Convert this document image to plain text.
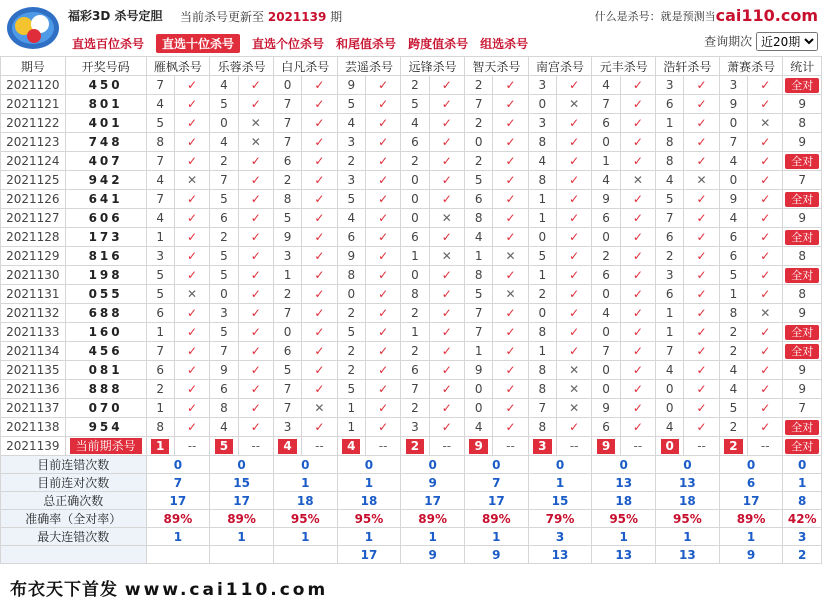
福彩3D 杀号定胆 当前杀号更新至 2021139 期	什么是杀号：就是预测当cai110.com
直选百位杀号 直选十位杀号 直选个位杀号 和尾值杀号 跨度值杀号 组选杀号	查询期次
近20期
期号	开奖号码	雁枫杀号		乐蓉杀号		白凡杀号		芸遥杀号		远锋杀号		智天杀号		南宫杀号		元丰杀号		浩轩杀号		萧赛杀号		统计
2021120	450	7	✓	4	✓	0	✓	9	✓	2	✓	2	✓	3	✓	4	✓	3	✓	3	✓	全对
2021121	801	4	✓	5	✓	7	✓	5	✓	5	✓	7	✓	0	✕	7	✓	6	✓	9	✓	9
2021122	401	5	✓	0	✕	7	✓	4	✓	4	✓	2	✓	3	✓	6	✓	1	✓	0	✕	8
2021123	748	8	✓	4	✕	7	✓	3	✓	6	✓	0	✓	8	✓	0	✓	8	✓	7	✓	9
2021124	407	7	✓	2	✓	6	✓	2	✓	2	✓	2	✓	4	✓	1	✓	8	✓	4	✓	全对
2021125	942	4	✕	7	✓	2	✓	3	✓	0	✓	5	✓	8	✓	4	✕	4	✕	0	✓	7
2021126	641	7	✓	5	✓	8	✓	5	✓	0	✓	6	✓	1	✓	9	✓	5	✓	9	✓	全对
2021127	606	4	✓	6	✓	5	✓	4	✓	0	✕	8	✓	1	✓	6	✓	7	✓	4	✓	9
2021128	173	1	✓	2	✓	9	✓	6	✓	6	✓	4	✓	0	✓	0	✓	6	✓	6	✓	全对
2021129	816	3	✓	5	✓	3	✓	9	✓	1	✕	1	✕	5	✓	2	✓	2	✓	6	✓	8
2021130	198	5	✓	5	✓	1	✓	8	✓	0	✓	8	✓	1	✓	6	✓	3	✓	5	✓	全对
2021131	055	5	✕	0	✓	2	✓	0	✓	8	✓	5	✕	2	✓	0	✓	6	✓	1	✓	8
2021132	688	6	✓	3	✓	7	✓	2	✓	2	✓	7	✓	0	✓	4	✓	1	✓	8	✕	9
2021133	160	1	✓	5	✓	0	✓	5	✓	1	✓	7	✓	8	✓	0	✓	1	✓	2	✓	全对
2021134	456	7	✓	7	✓	6	✓	2	✓	2	✓	1	✓	1	✓	7	✓	7	✓	2	✓	全对
2021135	081	6	✓	9	✓	5	✓	2	✓	6	✓	9	✓	8	✕	0	✓	4	✓	4	✓	9
2021136	888	2	✓	6	✓	7	✓	5	✓	7	✓	0	✓	8	✕	0	✓	0	✓	4	✓	9
2021137	070	1	✓	8	✓	7	✕	1	✓	2	✓	0	✓	7	✕	9	✓	0	✓	5	✓	7
2021138	954	8	✓	4	✓	3	✓	1	✓	3	✓	4	✓	8	✓	6	✓	4	✓	2	✓	全对
2021139	当前期杀号	1	--	5	--	4	--	4	--	2	--	9	--	3	--	9	--	0	--	2	--	全对
目前连错次数		0		0		0		0		0		0		0		0		0		0		0
目前连对次数		7		15		1		1		9		7		1		13		13		6		1
总正确次数		17		17		18		18		17		17		15		18		18		17		8
准确率（全对率）		89%		89%		95%		95%		89%		89%		79%		95%		95%		89%		42%
最大连错次数		1		1		1		1		1		1		3		1		1		1		3
								17		9		9		13		13		13		9		2
布衣天下首发 www.cai110.com
